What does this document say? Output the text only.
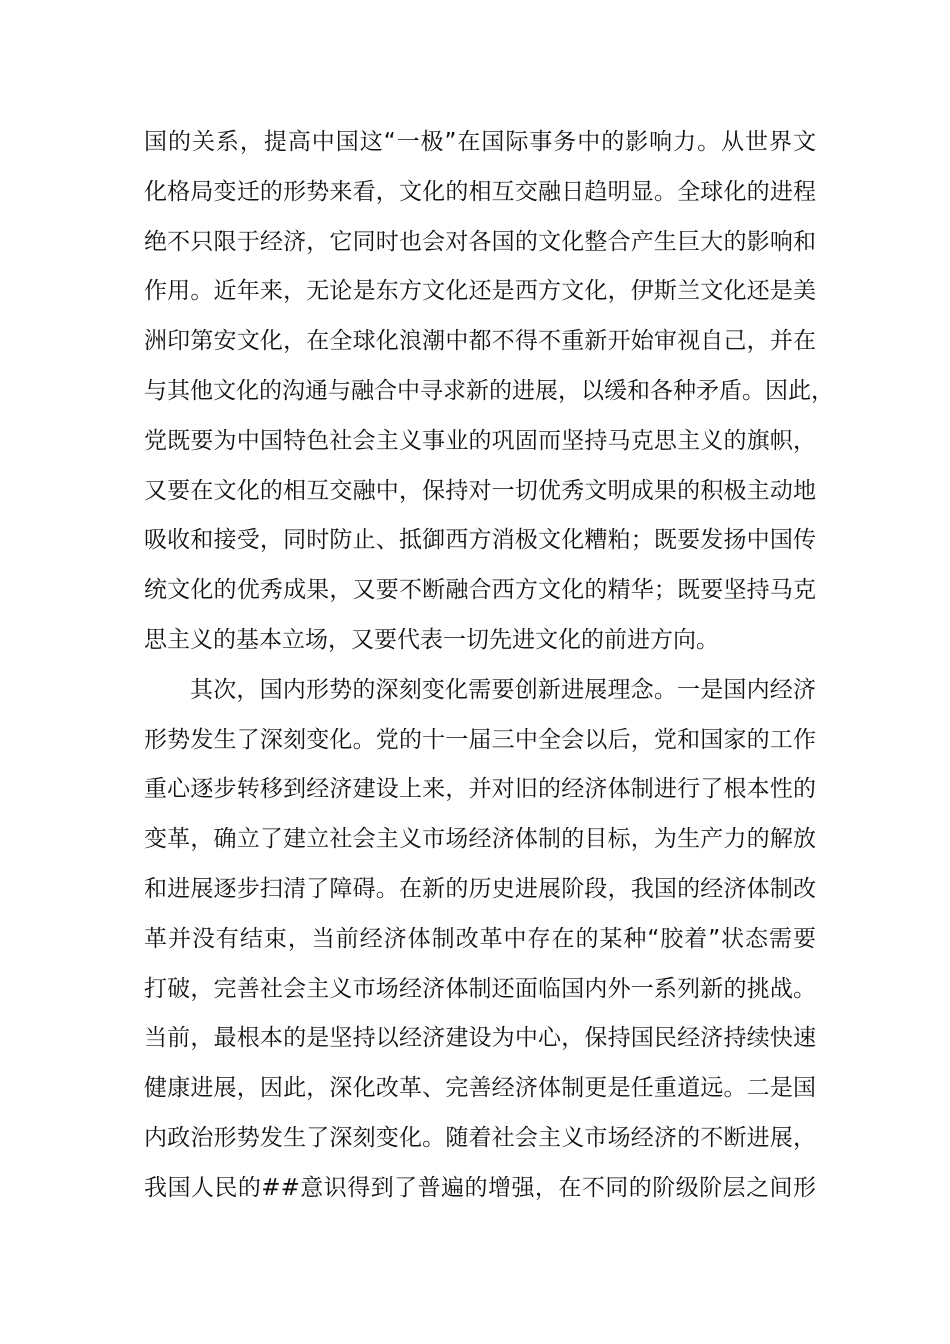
国的关系，提高中国这“一极”在国际事务中的影响力。从世界文
化格局变迁的形势来看，文化的相互交融日趋明显。全球化的进程
绝不只限于经济，它同时也会对各国的文化整合产生巨大的影响和
作用。近年来，无论是东方文化还是西方文化，伊斯兰文化还是美
洲印第安文化，在全球化浪潮中都不得不重新开始审视自己，并在
与其他文化的沟通与融合中寻求新的进展，以缓和各种矛盾。因此，
党既要为中国特色社会主义事业的巩固而坚持马克思主义的旗帜，
又要在文化的相互交融中，保持对一切优秀文明成果的积极主动地
吸收和接受，同时防止、抵御西方消极文化糟粕；既要发扬中国传
统文化的优秀成果，又要不断融合西方文化的精华；既要坚持马克
思主义的基本立场，又要代表一切先进文化的前进方向。
其次，国内形势的深刻变化需要创新进展理念。一是国内经济
形势发生了深刻变化。党的十一届三中全会以后，党和国家的工作
重心逐步转移到经济建设上来，并对旧的经济体制进行了根本性的
变革，确立了建立社会主义市场经济体制的目标，为生产力的解放
和进展逐步扫清了障碍。在新的历史进展阶段，我国的经济体制改
革并没有结束，当前经济体制改革中存在的某种“胶着”状态需要
打破，完善社会主义市场经济体制还面临国内外一系列新的挑战。
当前，最根本的是坚持以经济建设为中心，保持国民经济持续快速
健康进展，因此，深化改革、完善经济体制更是任重道远。二是国
内政治形势发生了深刻变化。随着社会主义市场经济的不断进展，
我国人民的##意识得到了普遍的增强，在不同的阶级阶层之间形
